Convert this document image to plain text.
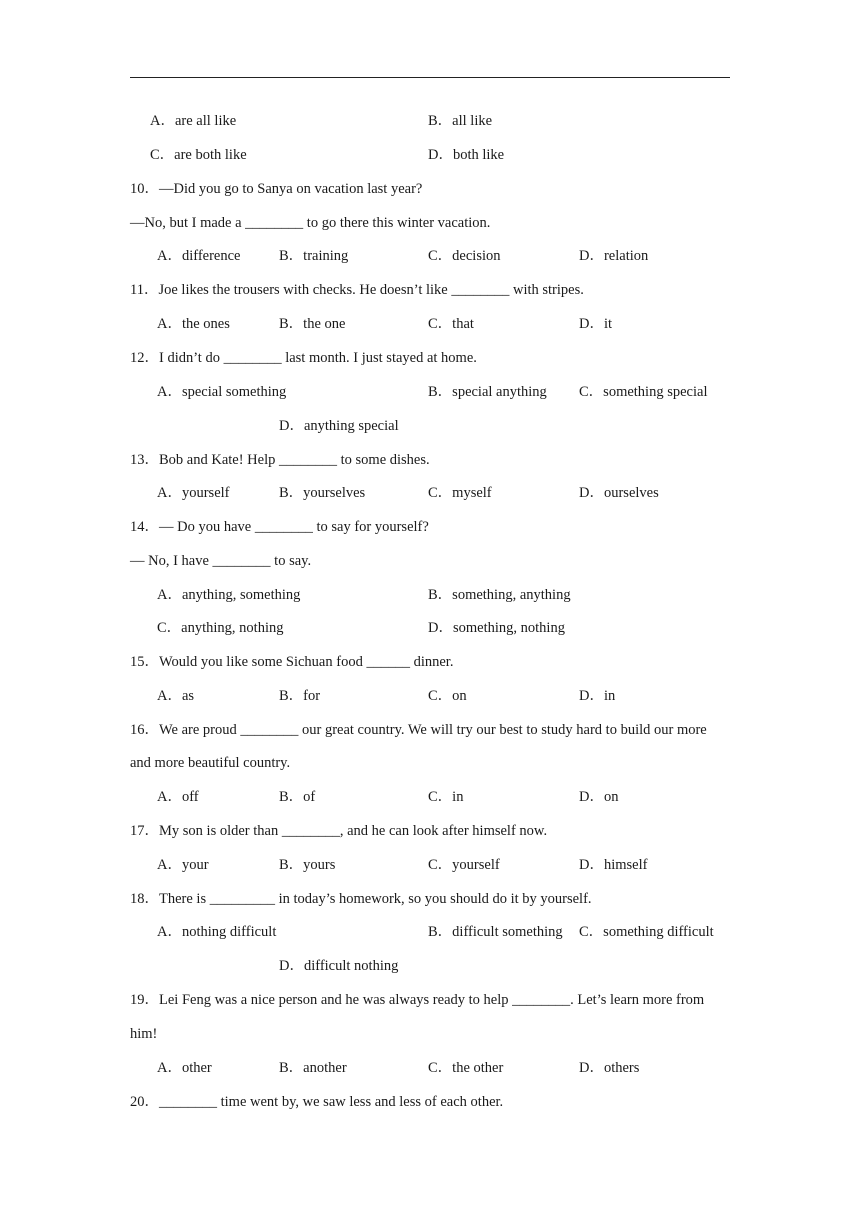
A．are all like	B．all like
C．are both like	D．both like
10．—Did you go to Sanya on vacation last year?
—No, but I made a ________ to go there this winter vacation.
A．difference	B．training	C．decision	D．relation
11．Joe likes the trousers with checks. He doesn’t like ________ with stripes.
A．the ones	B．the one	C．that	D．it
12．I didn’t do ________ last month. I just stayed at home.
A．special something	B．special anything C．something special
D．anything special
13．Bob and Kate! Help ________ to some dishes.
A．yourself	B．yourselves	C．myself	D．ourselves
14．— Do you have ________ to say for yourself?
— No, I have ________ to say.
A．anything, something	B．something, anything
C．anything, nothing	D．something, nothing
15．Would you like some Sichuan food ______ dinner.
A．as	B．for	C．on	D．in
16．We are proud ________ our great country. We will try our best to study hard to build our more
and more beautiful country.
A．off	B．of	C．in	D．on
17．My son is older than ________, and he can look after himself now.
A．your	B．yours	C．yourself	D．himself
18．There is _________ in today’s homework, so you should do it by yourself.
A．nothing difficult	B．difficult something C．something difficult
D．difficult nothing
19．Lei Feng was a nice person and he was always ready to help ________. Let’s learn more from
him!
A．other	B．another	C．the other	D．others
20．________ time went by, we saw less and less of each other.
